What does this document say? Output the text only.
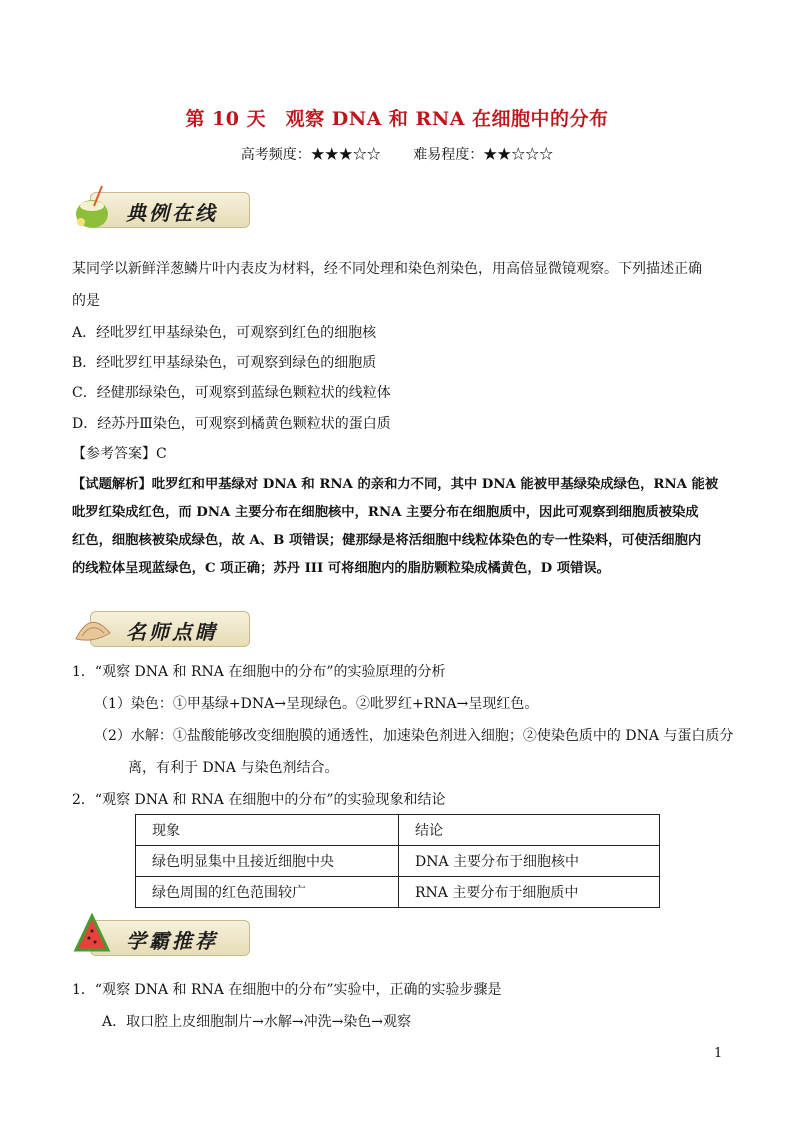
第 10 天　观察 DNA 和 RNA 在细胞中的分布
高考频度：★★★☆☆ 难易程度：★★☆☆☆
典例在线
某同学以新鲜洋葱鳞片叶内表皮为材料，经不同处理和染色剂染色，用高倍显微镜观察。下列描述正确
的是
A．经吡罗红甲基绿染色，可观察到红色的细胞核
B．经吡罗红甲基绿染色，可观察到绿色的细胞质
C．经健那绿染色，可观察到蓝绿色颗粒状的线粒体
D．经苏丹Ⅲ染色，可观察到橘黄色颗粒状的蛋白质
【参考答案】C
【试题解析】吡罗红和甲基绿对 DNA 和 RNA 的亲和力不同，其中 DNA 能被甲基绿染成绿色，RNA 能被
吡罗红染成红色，而 DNA 主要分布在细胞核中，RNA 主要分布在细胞质中，因此可观察到细胞质被染成
红色，细胞核被染成绿色，故 A、B 项错误；健那绿是将活细胞中线粒体染色的专一性染料，可使活细胞内
的线粒体呈现蓝绿色，C 项正确；苏丹 III 可将细胞内的脂肪颗粒染成橘黄色，D 项错误。
名师点睛
1．“观察 DNA 和 RNA 在细胞中的分布”的实验原理的分析
（1）染色：①甲基绿+DNA→呈现绿色。②吡罗红+RNA→呈现红色。
（2）水解：①盐酸能够改变细胞膜的通透性，加速染色剂进入细胞；②使染色质中的 DNA 与蛋白质分
离，有利于 DNA 与染色剂结合。
2．“观察 DNA 和 RNA 在细胞中的分布”的实验现象和结论
现象	结论
绿色明显集中且接近细胞中央	DNA 主要分布于细胞核中
绿色周围的红色范围较广	RNA 主要分布于细胞质中
学霸推荐
1．“观察 DNA 和 RNA 在细胞中的分布”实验中，正确的实验步骤是
A．取口腔上皮细胞制片→水解→冲洗→染色→观察
1
